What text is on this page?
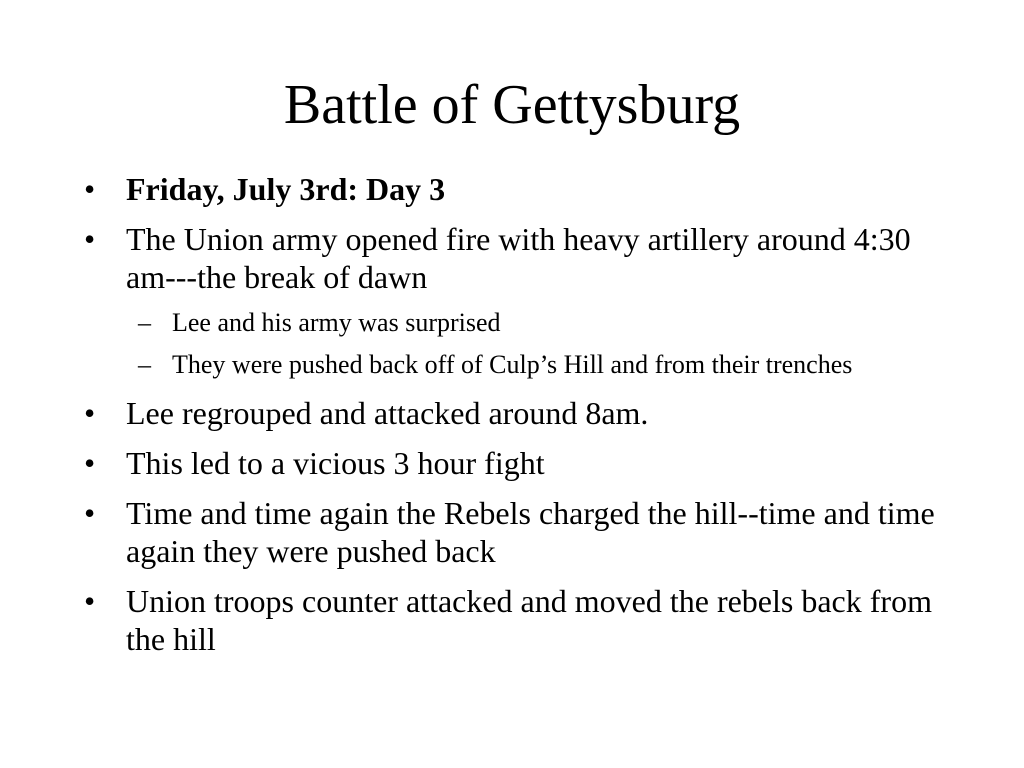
Battle of Gettysburg
• Friday, July 3rd: Day 3
• The Union army opened fire with heavy artillery around 4:30 am---the break of dawn
– Lee and his army was surprised
– They were pushed back off of Culp’s Hill and from their trenches
• Lee regrouped and attacked around 8am.
• This led to a vicious 3 hour fight
• Time and time again the Rebels charged the hill--time and time again they were pushed back
• Union troops counter attacked and moved the rebels back from the hill
